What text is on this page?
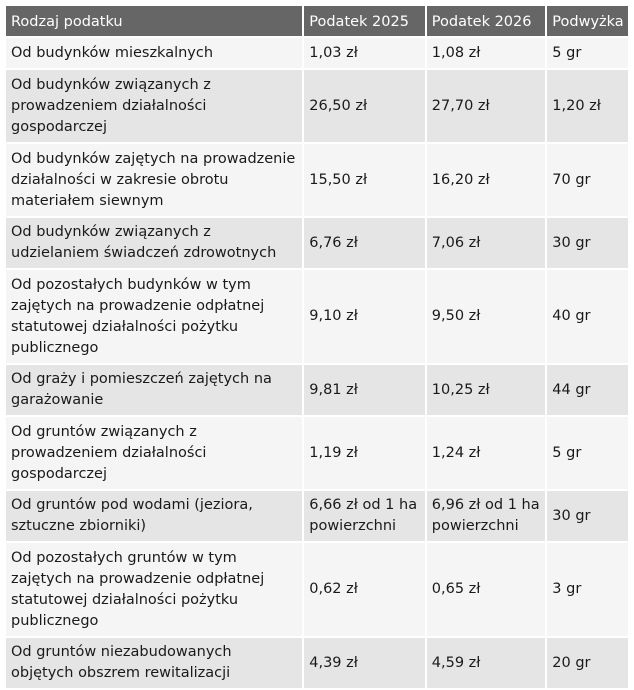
Rodzaj podatku	Podatek 2025	Podatek 2026	Podwyżka
Od budynków mieszkalnych	1,03 zł	1,08 zł	5 gr
Od budynków związanych z prowadzeniem działalności gospodarczej	26,50 zł	27,70 zł	1,20 zł
Od budynków zajętych na prowadzenie działalności w zakresie obrotu materiałem siewnym	15,50 zł	16,20 zł	70 gr
Od budynków związanych z udzielaniem świadczeń zdrowotnych	6,76 zł	7,06 zł	30 gr
Od pozostałych budynków w tym zajętych na prowadzenie odpłatnej statutowej działalności pożytku publicznego	9,10 zł	9,50 zł	40 gr
Od graży i pomieszczeń zajętych na garażowanie	9,81 zł	10,25 zł	44 gr
Od gruntów związanych z prowadzeniem działalności gospodarczej	1,19 zł	1,24 zł	5 gr
Od gruntów pod wodami (jeziora, sztuczne zbiorniki)	6,66 zł od 1 ha powierzchni	6,96 zł od 1 ha powierzchni	30 gr
Od pozostałych gruntów w tym zajętych na prowadzenie odpłatnej statutowej działalności pożytku publicznego	0,62 zł	0,65 zł	3 gr
Od gruntów niezabudowanych objętych obszrem rewitalizacji	4,39 zł	4,59 zł	20 gr
